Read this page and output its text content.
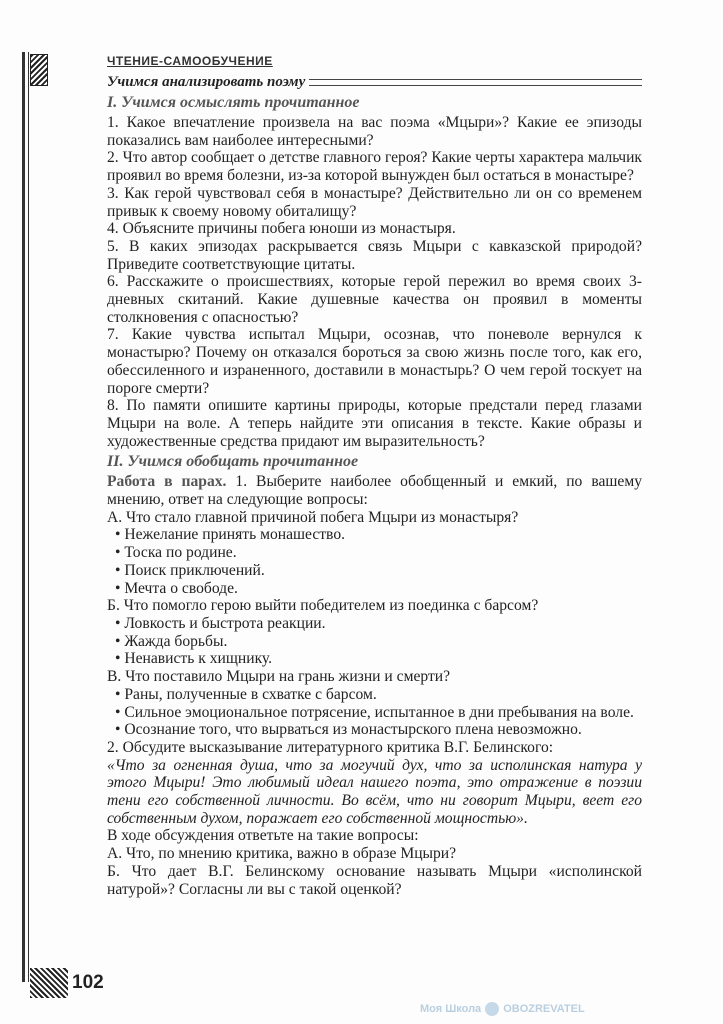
ЧТЕНИЕ-САМООБУЧЕНИЕ
Учимся анализировать поэму
I. Учимся осмыслять прочитанное

1. Какое впечатление произвела на вас поэма «Мцыри»? Какие ее эпизоды показались вам наиболее интересными?

2. Что автор сообщает о детстве главного героя? Какие черты характера мальчик проявил во время болезни, из-за которой вынужден был остаться в монастыре?

3. Как герой чувствовал себя в монастыре? Действительно ли он со временем привык к своему новому обиталищу?

4. Объясните причины побега юноши из монастыря.

5. В каких эпизодах раскрывается связь Мцыри с кавказской природой? Приведите соответствующие цитаты.

6. Расскажите о происшествиях, которые герой пережил во время своих 3-дневных скитаний. Какие душевные качества он проявил в моменты столкновения с опасностью?

7. Какие чувства испытал Мцыри, осознав, что поневоле вернулся к монастырю? Почему он отказался бороться за свою жизнь после того, как его, обессиленного и израненного, доставили в монастырь? О чем герой тоскует на пороге смерти?

8. По памяти опишите картины природы, которые предстали перед глазами Мцыри на воле. А теперь найдите эти описания в тексте. Какие образы и художественные средства придают им выразительность?

II. Учимся обобщать прочитанное

Работа в парах. 1. Выберите наиболее обобщенный и емкий, по вашему мнению, ответ на следующие вопросы:

А. Что стало главной причиной побега Мцыри из монастыря?

• Нежелание принять монашество.

• Тоска по родине.

• Поиск приключений.

• Мечта о свободе.

Б. Что помогло герою выйти победителем из поединка с барсом?

• Ловкость и быстрота реакции.

• Жажда борьбы.

• Ненависть к хищнику.

В. Что поставило Мцыри на грань жизни и смерти?

• Раны, полученные в схватке с барсом.

• Сильное эмоциональное потрясение, испытанное в дни пребывания на воле.

• Осознание того, что вырваться из монастырского плена невозможно.

2. Обсудите высказывание литературного критика В.Г. Белинского:

«Что за огненная душа, что за могучий дух, что за исполинская натура у этого Мцыри! Это любимый идеал нашего поэта, это отражение в поэзии тени его собственной личности. Во всём, что ни говорит Мцыри, веет его собственным духом, поражает его собственной мощностью».

В ходе обсуждения ответьте на такие вопросы:

А. Что, по мнению критика, важно в образе Мцыри?

Б. Что дает В.Г. Белинскому основание называть Мцыри «исполинской натурой»? Согласны ли вы с такой оценкой?

102
Моя Школа OBOZREVATEL
